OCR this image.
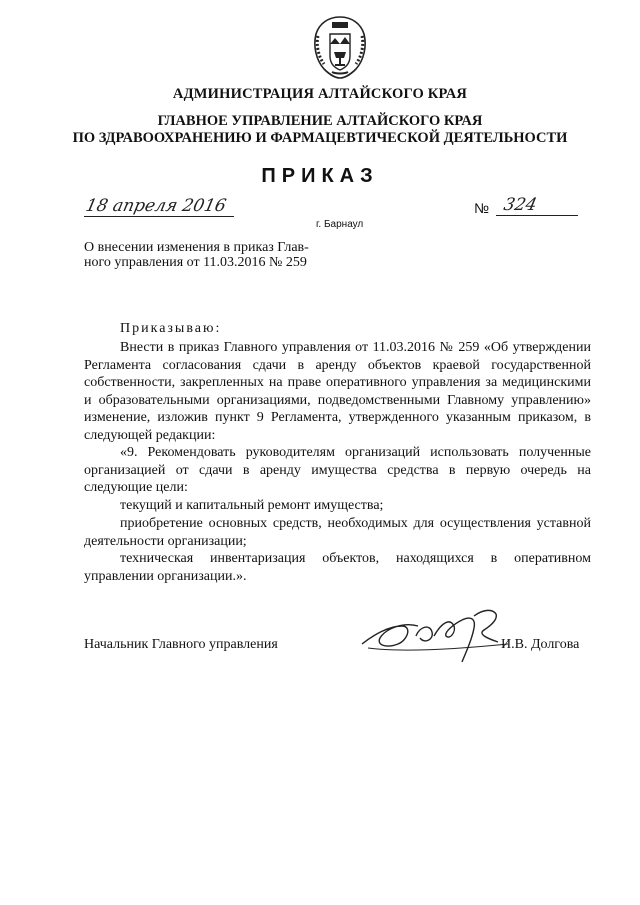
АДМИНИСТРАЦИЯ АЛТАЙСКОГО КРАЯ
ГЛАВНОЕ УПРАВЛЕНИЕ АЛТАЙСКОГО КРАЯ
ПО ЗДРАВООХРАНЕНИЮ И ФАРМАЦЕВТИЧЕСКОЙ ДЕЯТЕЛЬНОСТИ
ПРИКАЗ
18 апреля 2016
г. Барнаул
№ 324
О внесении изменения в приказ Глав-
ного управления от 11.03.2016 № 259
Приказываю:

Внести в приказ Главного управления от 11.03.2016 № 259 «Об утверждении Регламента согласования сдачи в аренду объектов краевой государственной собственности, закрепленных на праве оперативного управления за медицинскими и образовательными организациями, подведомственными Главному управлению» изменение, изложив пункт 9 Регламента, утвержденного указанным приказом, в следующей редакции:

«9. Рекомендовать руководителям организаций использовать полученные организацией от сдачи в аренду имущества средства в первую очередь на следующие цели:

текущий и капитальный ремонт имущества;

приобретение основных средств, необходимых для осуществления уставной деятельности организации;

техническая инвентаризация объектов, находящихся в оперативном управлении организации.».

Начальник Главного управления	И.В. Долгова
